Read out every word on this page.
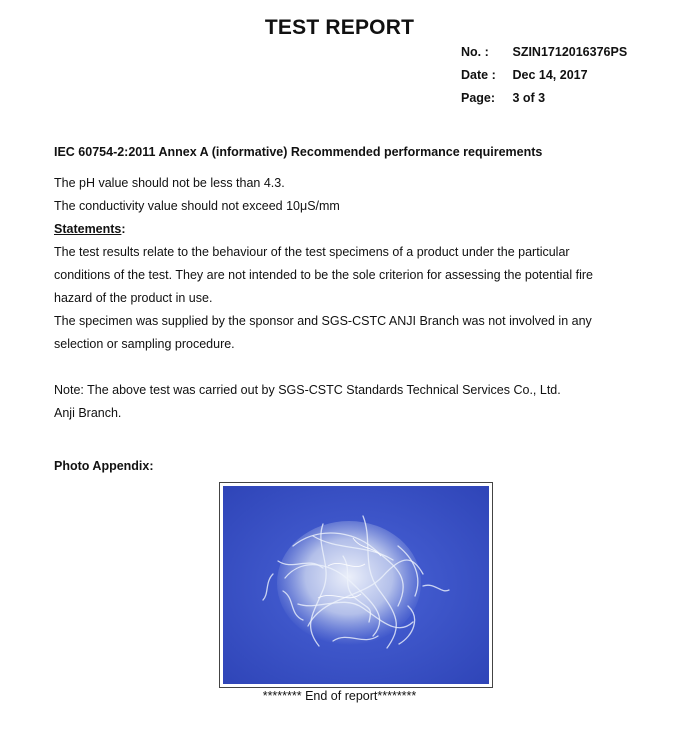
TEST REPORT
No. : SZIN1712016376PS
Date : Dec 14, 2017
Page: 3 of 3
IEC 60754-2:2011 Annex A (informative) Recommended performance requirements

The pH value should not be less than 4.3.

The conductivity value should not exceed 10μS/mm

Statements:

The test results relate to the behaviour of the test specimens of a product under the particular

conditions of the test. They are not intended to be the sole criterion for assessing the potential fire

hazard of the product in use.

The specimen was supplied by the sponsor and SGS-CSTC ANJI Branch was not involved in any

selection or sampling procedure.

Note: The above test was carried out by SGS-CSTC Standards Technical Services Co., Ltd.

Anji Branch.

Photo Appendix:
******** End of report********
